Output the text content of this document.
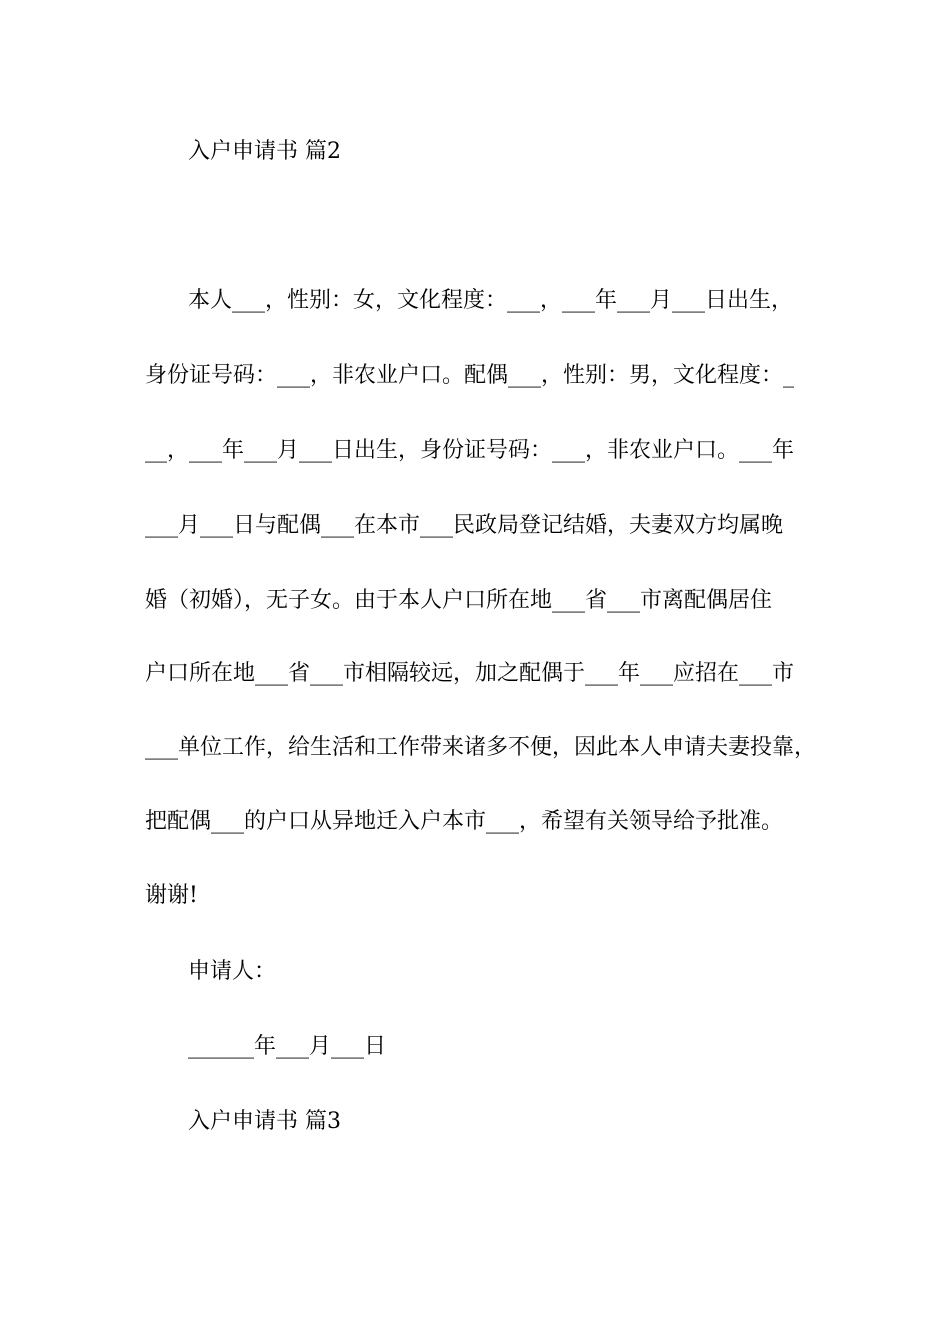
入户申请书 篇2

本人___，性别：女，文化程度：___，___年___月___日出生，

身份证号码：___，非农业户口。配偶___，性别：男，文化程度：_

__，___年___月___日出生，身份证号码：___，非农业户口。___年

___月___日与配偶___在本市___民政局登记结婚，夫妻双方均属晚

婚（初婚），无子女。由于本人户口所在地___省___市离配偶居住

户口所在地___省___市相隔较远，加之配偶于___年___应招在___市

___单位工作，给生活和工作带来诸多不便，因此本人申请夫妻投靠，

把配偶___的户口从异地迁入户本市___，希望有关领导给予批准。

谢谢!

申请人：

______年___月___日

入户申请书 篇3
